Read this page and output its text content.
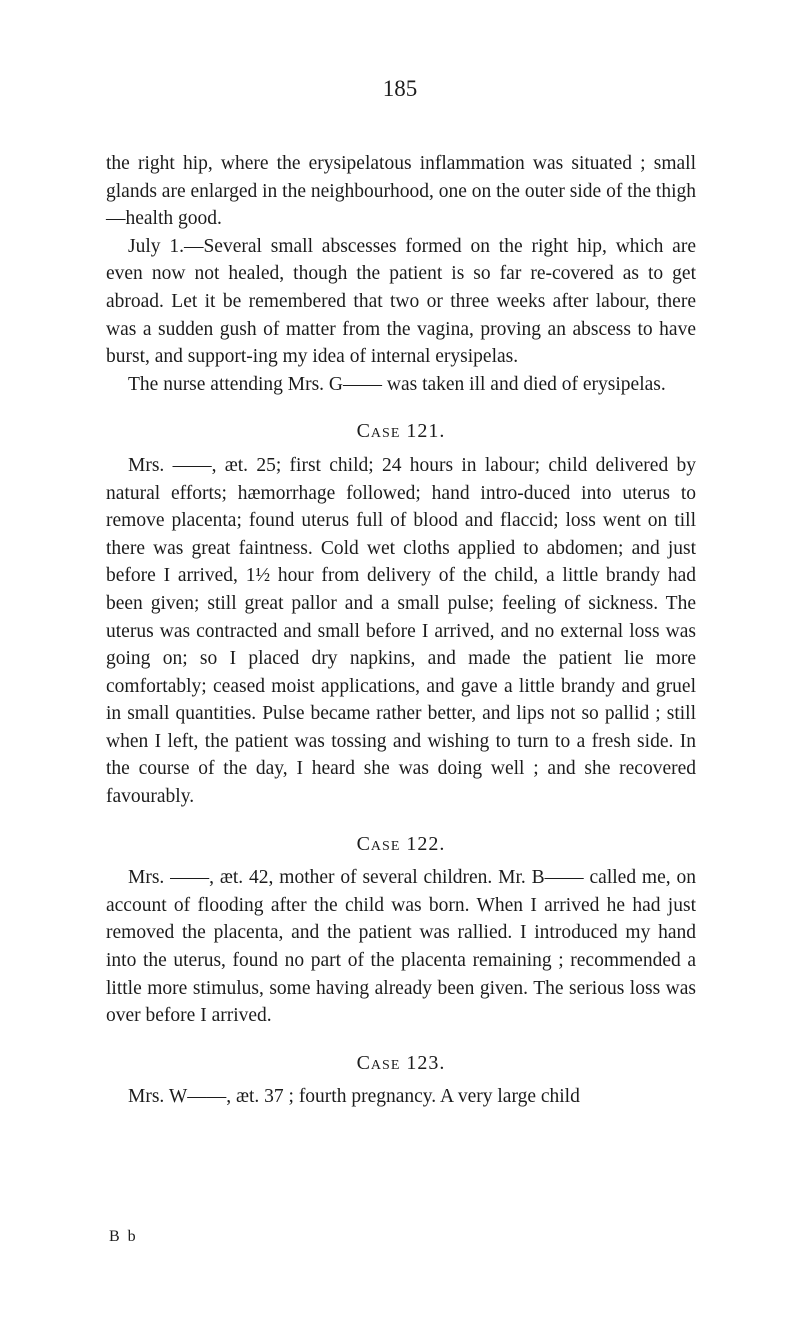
185

the right hip, where the erysipelatous inflammation was situated ; small glands are enlarged in the neighbourhood, one on the outer side of the thigh—health good.

July 1.—Several small abscesses formed on the right hip, which are even now not healed, though the patient is so far re-covered as to get abroad. Let it be remembered that two or three weeks after labour, there was a sudden gush of matter from the vagina, proving an abscess to have burst, and support-ing my idea of internal erysipelas.

The nurse attending Mrs. G—— was taken ill and died of erysipelas.

Case 121.

Mrs. ——, æt. 25; first child; 24 hours in labour; child delivered by natural efforts; hæmorrhage followed; hand intro-duced into uterus to remove placenta; found uterus full of blood and flaccid; loss went on till there was great faintness. Cold wet cloths applied to abdomen; and just before I arrived, 1½ hour from delivery of the child, a little brandy had been given; still great pallor and a small pulse; feeling of sickness. The uterus was contracted and small before I arrived, and no external loss was going on; so I placed dry napkins, and made the patient lie more comfortably; ceased moist applications, and gave a little brandy and gruel in small quantities. Pulse became rather better, and lips not so pallid ; still when I left, the patient was tossing and wishing to turn to a fresh side. In the course of the day, I heard she was doing well ; and she recovered favourably.

Case 122.

Mrs. ——, æt. 42, mother of several children. Mr. B—— called me, on account of flooding after the child was born. When I arrived he had just removed the placenta, and the patient was rallied. I introduced my hand into the uterus, found no part of the placenta remaining ; recommended a little more stimulus, some having already been given. The serious loss was over before I arrived.

Case 123.

Mrs. W——, æt. 37 ; fourth pregnancy. A very large child

B b
